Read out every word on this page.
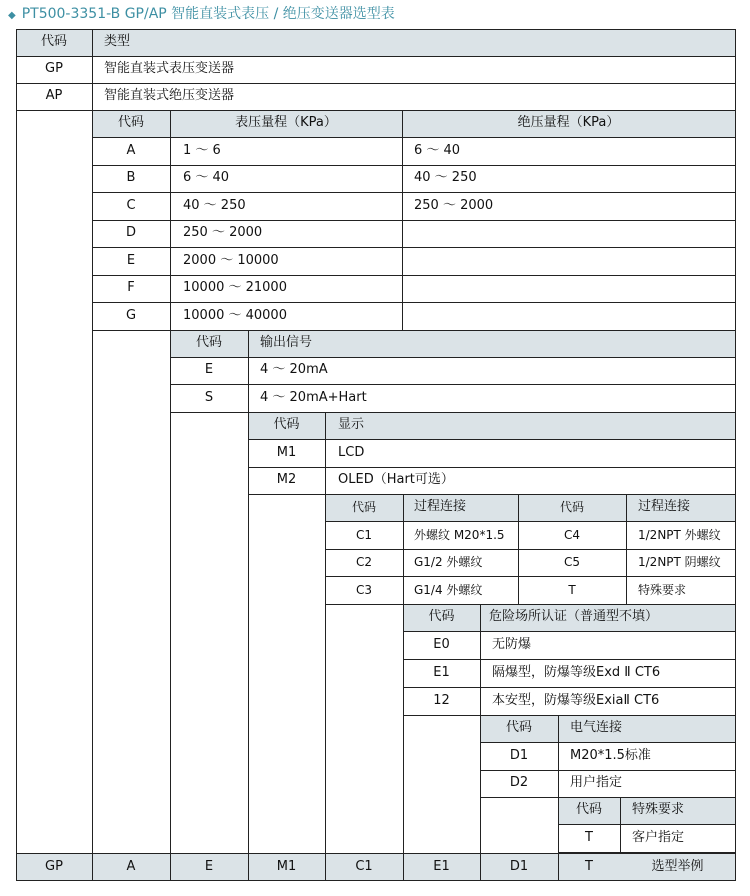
◆ PT500-3351-B GP/AP 智能直装式表压 / 绝压变送器选型表
代码	类型
GP	智能直装式表压变送器
AP	智能直装式绝压变送器
代码	表压量程（KPa）	绝压量程（KPa）
A	1 ～ 6	6 ～ 40
B	6 ～ 40	40 ～ 250
C	40 ～ 250	250 ～ 2000
D	250 ～ 2000
E	2000 ～ 10000
F	10000 ～ 21000
G	10000 ～ 40000
代码	输出信号
E	4 ～ 20mA
S	4 ～ 20mA+Hart
代码	显示
M1	LCD
M2	OLED（Hart可选）
代码	过程连接	代码	过程连接
C1	外螺纹 M20*1.5	C4	1/2NPT 外螺纹
C2	G1/2 外螺纹	C5	1/2NPT 阴螺纹
C3	G1/4 外螺纹	T	特殊要求
代码	危险场所认证（普通型不填）
E0	无防爆
E1	隔爆型，防爆等级Exd Ⅱ CT6
12	本安型，防爆等级ExiaⅡ CT6
代码	电气连接
D1	M20*1.5标准
D2	用户指定
代码	特殊要求
T	客户指定
GP	A	E	M1	C1	E1	D1	T	选型举例
